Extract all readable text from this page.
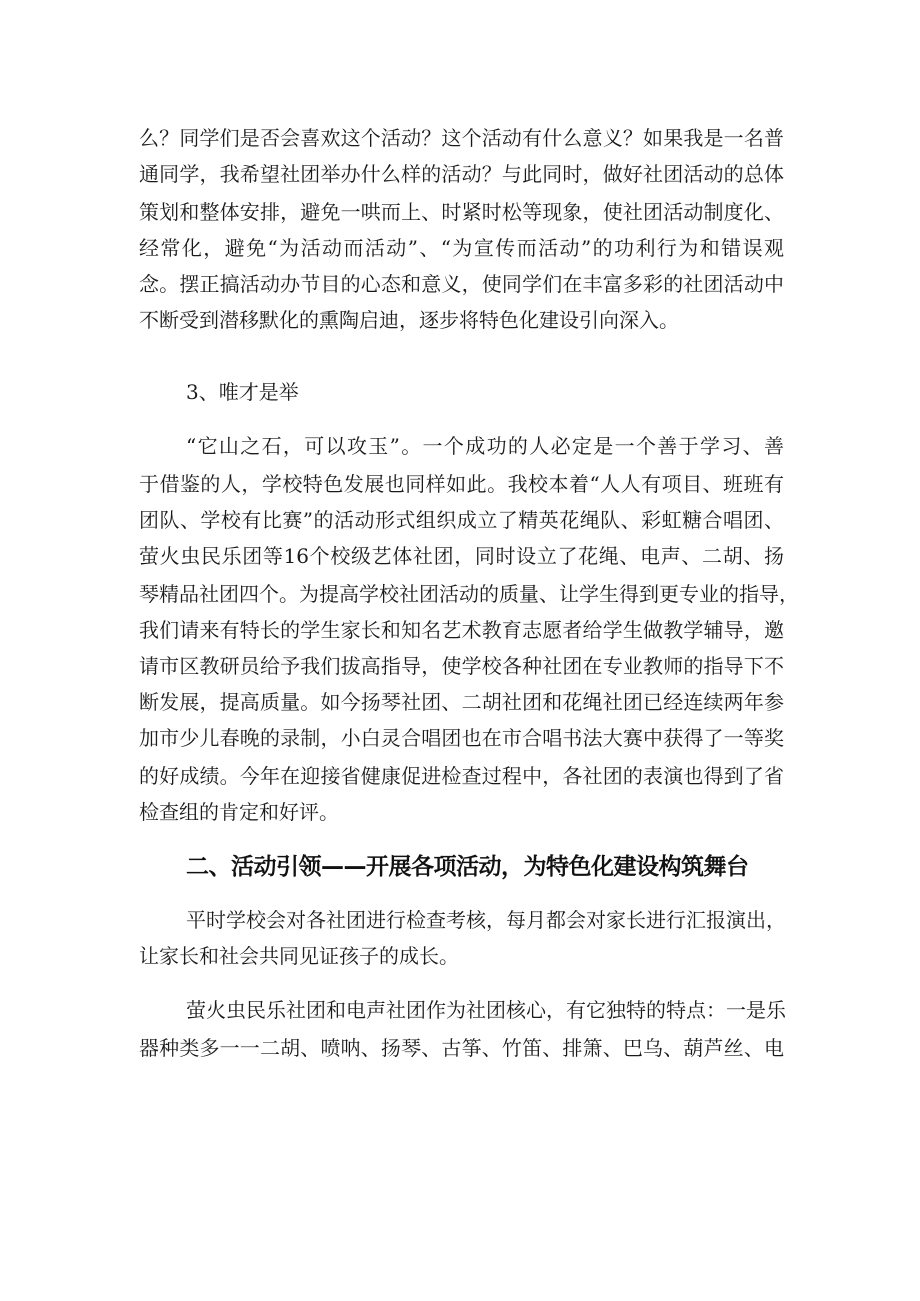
么？同学们是否会喜欢这个活动？这个活动有什么意义？如果我是一名普

通同学，我希望社团举办什么样的活动？与此同时，做好社团活动的总体

策划和整体安排，避免一哄而上、时紧时松等现象，使社团活动制度化、

经常化，避免“为活动而活动”、“为宣传而活动”的功利行为和错误观

念。摆正搞活动办节目的心态和意义，使同学们在丰富多彩的社团活动中

不断受到潜移默化的熏陶启迪，逐步将特色化建设引向深入。

3、唯才是举

“它山之石，可以攻玉”。一个成功的人必定是一个善于学习、善

于借鉴的人，学校特色发展也同样如此。我校本着“人人有项目、班班有

团队、学校有比赛”的活动形式组织成立了精英花绳队、彩虹糖合唱团、

萤火虫民乐团等16个校级艺体社团，同时设立了花绳、电声、二胡、扬

琴精品社团四个。为提高学校社团活动的质量、让学生得到更专业的指导，

我们请来有特长的学生家长和知名艺术教育志愿者给学生做教学辅导，邀

请市区教研员给予我们拔高指导，使学校各种社团在专业教师的指导下不

断发展，提高质量。如今扬琴社团、二胡社团和花绳社团已经连续两年参

加市少儿春晚的录制，小白灵合唱团也在市合唱书法大赛中获得了一等奖

的好成绩。今年在迎接省健康促进检查过程中，各社团的表演也得到了省

检查组的肯定和好评。

二、活动引领——开展各项活动，为特色化建设构筑舞台

平时学校会对各社团进行检查考核，每月都会对家长进行汇报演出，

让家长和社会共同见证孩子的成长。

萤火虫民乐社团和电声社团作为社团核心，有它独特的特点：一是乐

器种类多一一二胡、喷呐、扬琴、古筝、竹笛、排箫、巴乌、葫芦丝、电
